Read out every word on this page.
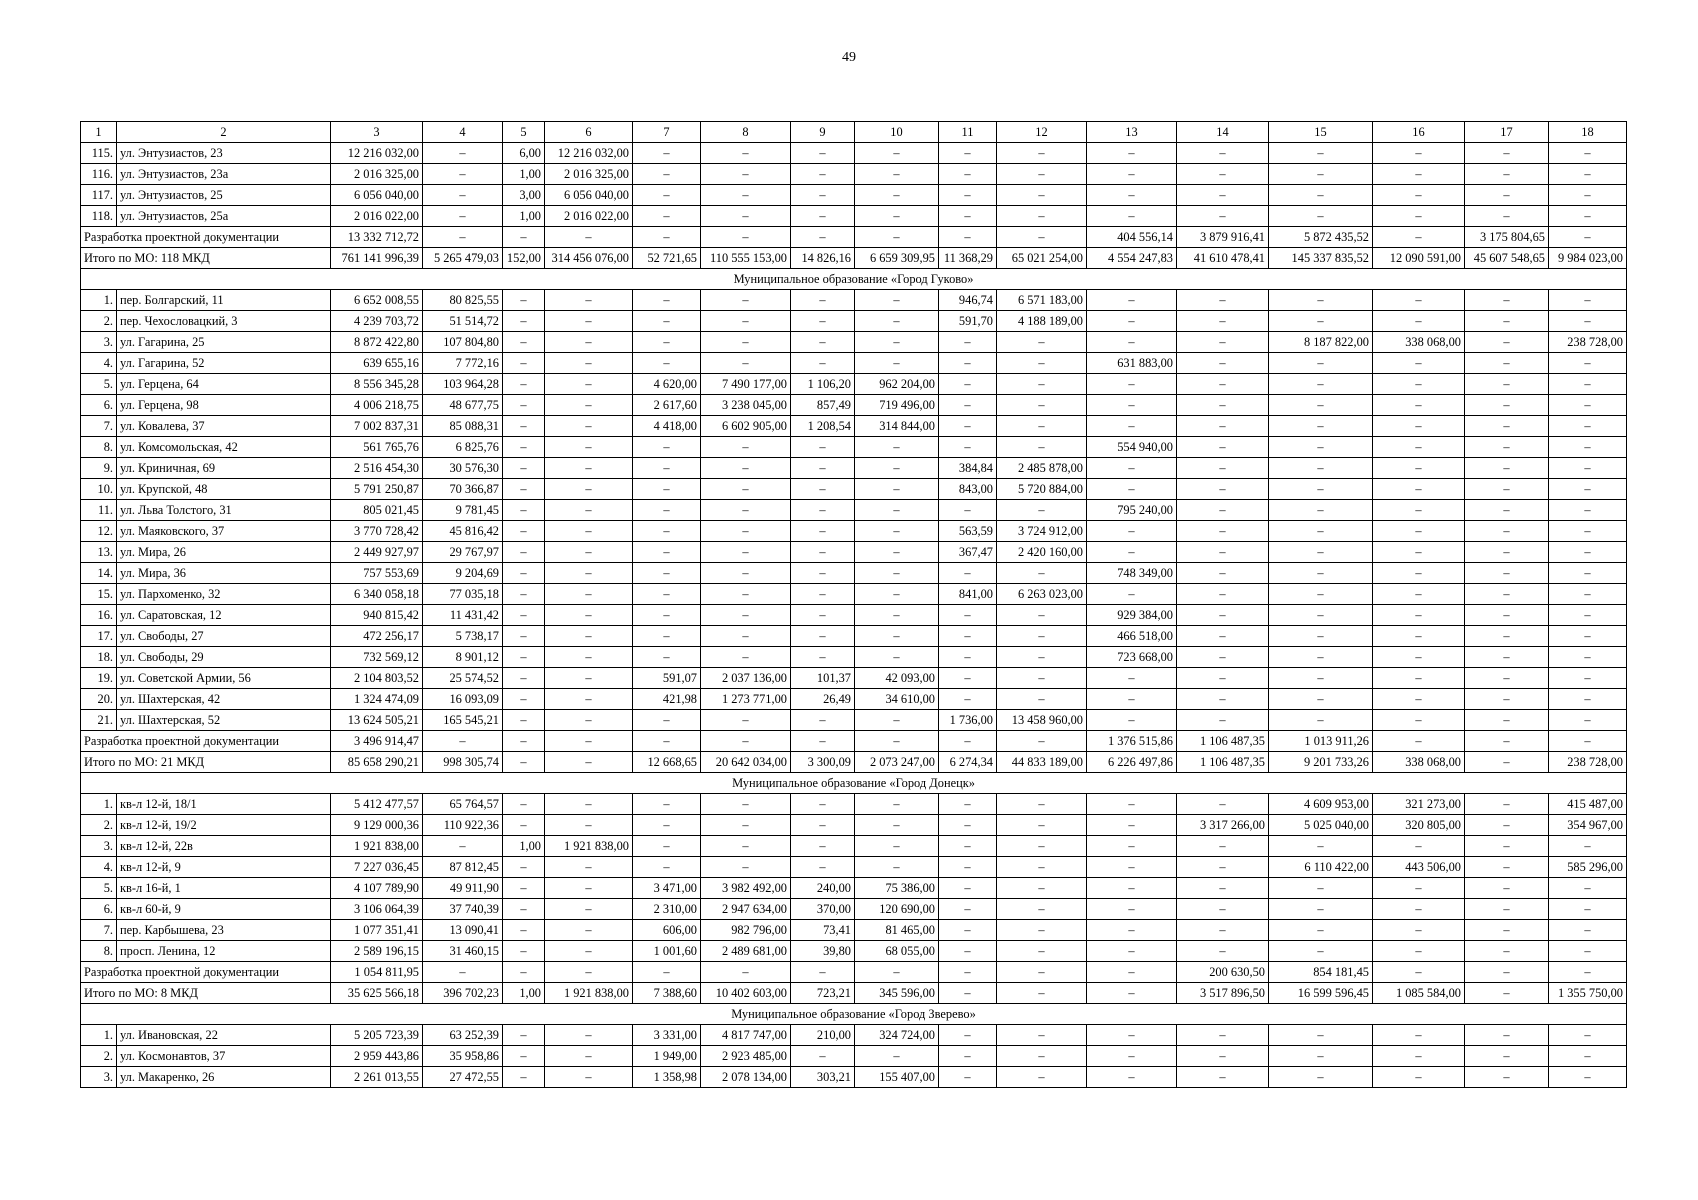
49
1	2	3	4	5	6	7	8	9	10	11	12	13	14	15	16	17	18
115.	ул. Энтузиастов, 23	12 216 032,00	–	6,00	12 216 032,00	–	–	–	–	–	–	–	–	–	–	–	–
116.	ул. Энтузиастов, 23а	2 016 325,00	–	1,00	2 016 325,00	–	–	–	–	–	–	–	–	–	–	–	–
117.	ул. Энтузиастов, 25	6 056 040,00	–	3,00	6 056 040,00	–	–	–	–	–	–	–	–	–	–	–	–
118.	ул. Энтузиастов, 25а	2 016 022,00	–	1,00	2 016 022,00	–	–	–	–	–	–	–	–	–	–	–	–
Разработка проектной документации		13 332 712,72	–	–	–	–	–	–	–	–	–	404 556,14	3 879 916,41	5 872 435,52	–	3 175 804,65	–
Итого по МО: 118 МКД		761 141 996,39	5 265 479,03	152,00	314 456 076,00	52 721,65	110 555 153,00	14 826,16	6 659 309,95	11 368,29	65 021 254,00	4 554 247,83	41 610 478,41	145 337 835,52	12 090 591,00	45 607 548,65	9 984 023,00
Муниципальное образование «Город Гуково»																	
1.	пер. Болгарский, 11	6 652 008,55	80 825,55	–	–	–	–	–	–	946,74	6 571 183,00	–	–	–	–	–	–
2.	пер. Чехословацкий, 3	4 239 703,72	51 514,72	–	–	–	–	–	–	591,70	4 188 189,00	–	–	–	–	–	–
3.	ул. Гагарина, 25	8 872 422,80	107 804,80	–	–	–	–	–	–	–	–	–	–	8 187 822,00	338 068,00	–	238 728,00
4.	ул. Гагарина, 52	639 655,16	7 772,16	–	–	–	–	–	–	–	–	631 883,00	–	–	–	–	–
5.	ул. Герцена, 64	8 556 345,28	103 964,28	–	–	4 620,00	7 490 177,00	1 106,20	962 204,00	–	–	–	–	–	–	–	–
6.	ул. Герцена, 98	4 006 218,75	48 677,75	–	–	2 617,60	3 238 045,00	857,49	719 496,00	–	–	–	–	–	–	–	–
7.	ул. Ковалева, 37	7 002 837,31	85 088,31	–	–	4 418,00	6 602 905,00	1 208,54	314 844,00	–	–	–	–	–	–	–	–
8.	ул. Комсомольская, 42	561 765,76	6 825,76	–	–	–	–	–	–	–	–	554 940,00	–	–	–	–	–
9.	ул. Криничная, 69	2 516 454,30	30 576,30	–	–	–	–	–	–	384,84	2 485 878,00	–	–	–	–	–	–
10.	ул. Крупской, 48	5 791 250,87	70 366,87	–	–	–	–	–	–	843,00	5 720 884,00	–	–	–	–	–	–
11.	ул. Льва Толстого, 31	805 021,45	9 781,45	–	–	–	–	–	–	–	–	795 240,00	–	–	–	–	–
12.	ул. Маяковского, 37	3 770 728,42	45 816,42	–	–	–	–	–	–	563,59	3 724 912,00	–	–	–	–	–	–
13.	ул. Мира, 26	2 449 927,97	29 767,97	–	–	–	–	–	–	367,47	2 420 160,00	–	–	–	–	–	–
14.	ул. Мира, 36	757 553,69	9 204,69	–	–	–	–	–	–	–	–	748 349,00	–	–	–	–	–
15.	ул. Пархоменко, 32	6 340 058,18	77 035,18	–	–	–	–	–	–	841,00	6 263 023,00	–	–	–	–	–	–
16.	ул. Саратовская, 12	940 815,42	11 431,42	–	–	–	–	–	–	–	–	929 384,00	–	–	–	–	–
17.	ул. Свободы, 27	472 256,17	5 738,17	–	–	–	–	–	–	–	–	466 518,00	–	–	–	–	–
18.	ул. Свободы, 29	732 569,12	8 901,12	–	–	–	–	–	–	–	–	723 668,00	–	–	–	–	–
19.	ул. Советской Армии, 56	2 104 803,52	25 574,52	–	–	591,07	2 037 136,00	101,37	42 093,00	–	–	–	–	–	–	–	–
20.	ул. Шахтерская, 42	1 324 474,09	16 093,09	–	–	421,98	1 273 771,00	26,49	34 610,00	–	–	–	–	–	–	–	–
21.	ул. Шахтерская, 52	13 624 505,21	165 545,21	–	–	–	–	–	–	1 736,00	13 458 960,00	–	–	–	–	–	–
Разработка проектной документации		3 496 914,47	–	–	–	–	–	–	–	–	–	1 376 515,86	1 106 487,35	1 013 911,26	–	–	–
Итого по МО: 21 МКД		85 658 290,21	998 305,74	–	–	12 668,65	20 642 034,00	3 300,09	2 073 247,00	6 274,34	44 833 189,00	6 226 497,86	1 106 487,35	9 201 733,26	338 068,00	–	238 728,00
Муниципальное образование «Город Донецк»																	
1.	кв-л 12-й, 18/1	5 412 477,57	65 764,57	–	–	–	–	–	–	–	–	–	–	4 609 953,00	321 273,00	–	415 487,00
2.	кв-л 12-й, 19/2	9 129 000,36	110 922,36	–	–	–	–	–	–	–	–	–	3 317 266,00	5 025 040,00	320 805,00	–	354 967,00
3.	кв-л 12-й, 22в	1 921 838,00	–	1,00	1 921 838,00	–	–	–	–	–	–	–	–	–	–	–	–
4.	кв-л 12-й, 9	7 227 036,45	87 812,45	–	–	–	–	–	–	–	–	–	–	6 110 422,00	443 506,00	–	585 296,00
5.	кв-л 16-й, 1	4 107 789,90	49 911,90	–	–	3 471,00	3 982 492,00	240,00	75 386,00	–	–	–	–	–	–	–	–
6.	кв-л 60-й, 9	3 106 064,39	37 740,39	–	–	2 310,00	2 947 634,00	370,00	120 690,00	–	–	–	–	–	–	–	–
7.	пер. Карбышева, 23	1 077 351,41	13 090,41	–	–	606,00	982 796,00	73,41	81 465,00	–	–	–	–	–	–	–	–
8.	просп. Ленина, 12	2 589 196,15	31 460,15	–	–	1 001,60	2 489 681,00	39,80	68 055,00	–	–	–	–	–	–	–	–
Разработка проектной документации		1 054 811,95	–	–	–	–	–	–	–	–	–	–	200 630,50	854 181,45	–	–	–
Итого по МО: 8 МКД		35 625 566,18	396 702,23	1,00	1 921 838,00	7 388,60	10 402 603,00	723,21	345 596,00	–	–	–	3 517 896,50	16 599 596,45	1 085 584,00	–	1 355 750,00
Муниципальное образование «Город Зверево»																	
1.	ул. Ивановская, 22	5 205 723,39	63 252,39	–	–	3 331,00	4 817 747,00	210,00	324 724,00	–	–	–	–	–	–	–	–
2.	ул. Космонавтов, 37	2 959 443,86	35 958,86	–	–	1 949,00	2 923 485,00	–	–	–	–	–	–	–	–	–	–
3.	ул. Макаренко, 26	2 261 013,55	27 472,55	–	–	1 358,98	2 078 134,00	303,21	155 407,00	–	–	–	–	–	–	–	–
